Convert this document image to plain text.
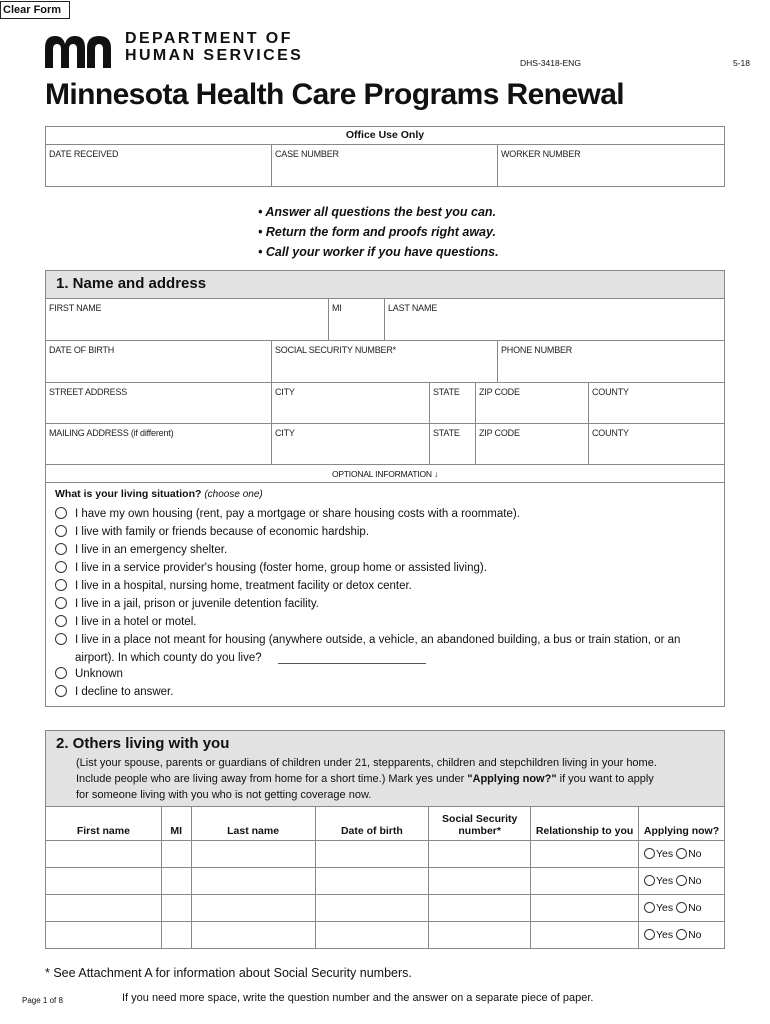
Clear Form
DEPARTMENT OF
HUMAN SERVICES	DHS-3418-ENG	5-18
Minnesota Health Care Programs Renewal
Office Use Only
DATE RECEIVED	CASE NUMBER	WORKER NUMBER
• Answer all questions the best you can.
• Return the form and proofs right away.
• Call your worker if you have questions.
1. Name and address
FIRST NAME	MI	LAST NAME
DATE OF BIRTH	SOCIAL SECURITY NUMBER*	PHONE NUMBER
STREET ADDRESS	CITY	STATE ZIP CODE	COUNTY
MAILING ADDRESS (if different)	CITY	STATE ZIP CODE	COUNTY
OPTIONAL INFORMATION ↓
What is your living situation? (choose one)
I have my own housing (rent, pay a mortgage or share housing costs with a roommate).
I live with family or friends because of economic hardship.
I live in an emergency shelter.
I live in a service provider's housing (foster home, group home or assisted living).
I live in a hospital, nursing home, treatment facility or detox center.
I live in a jail, prison or juvenile detention facility.
I live in a hotel or motel.
I live in a place not meant for housing (anywhere outside, a vehicle, an abandoned building, a bus or train station, or an
airport). In which county do you live?
Unknown
I decline to answer.
2. Others living with you
(List your spouse, parents or guardians of children under 21, stepparents, children and stepchildren living in your home.
Include people who are living away from home for a short time.) Mark yes under "Applying now?" if you want to apply
for someone living with you who is not getting coverage now.
First name	MI	Last name	Date of birth	Social Security number*	Relationship to you	Applying now?
						Yes No
						Yes No
						Yes No
						Yes No
* See Attachment A for information about Social Security numbers.
Page 1 of 8	If you need more space, write the question number and the answer on a separate piece of paper.
